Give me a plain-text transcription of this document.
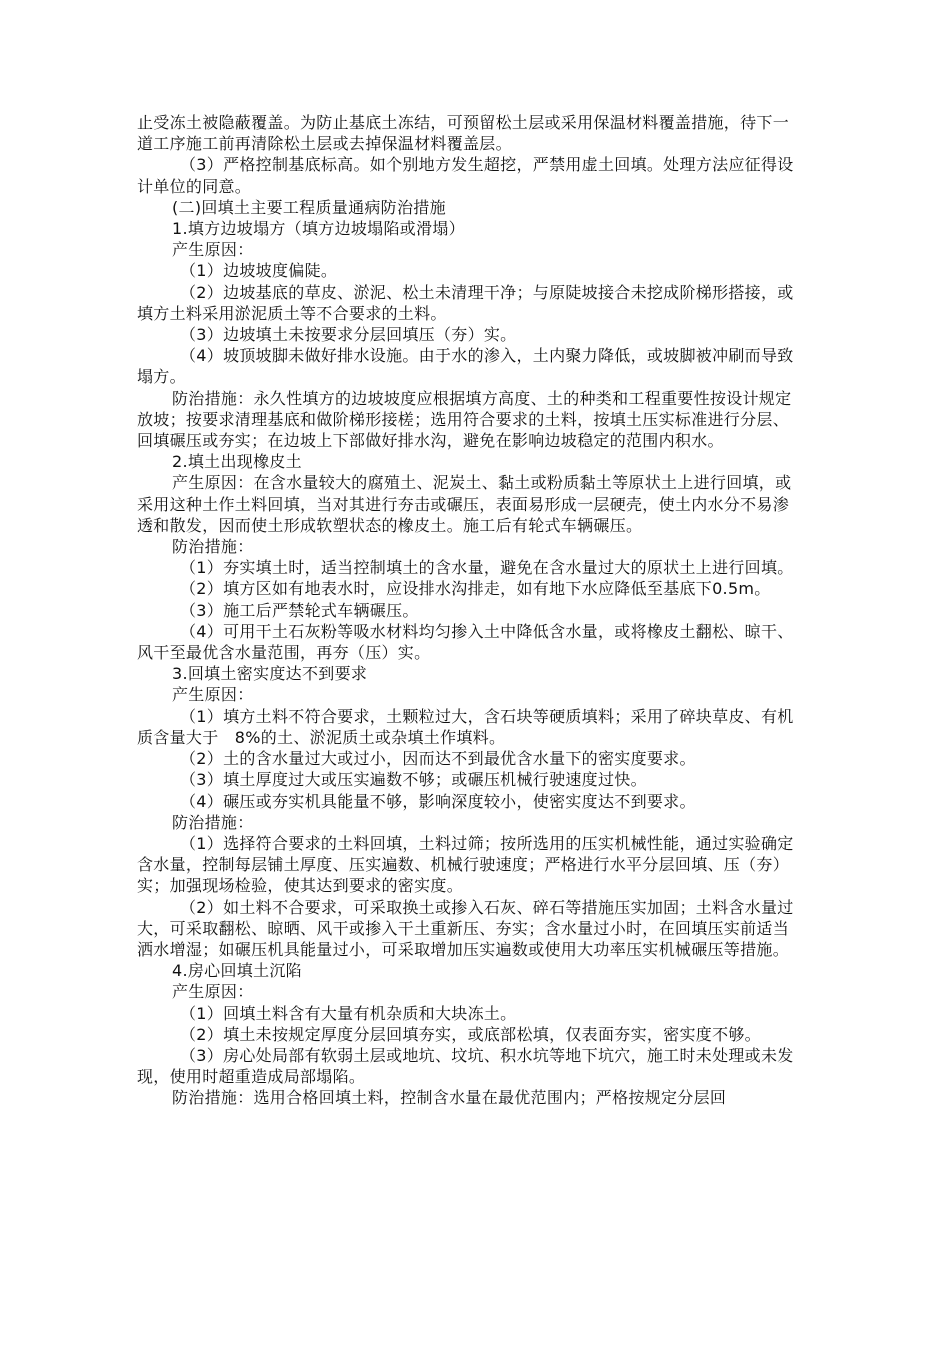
止受冻土被隐蔽覆盖。为防止基底土冻结，可预留松土层或采用保温材料覆盖措施，待下一道工序施工前再清除松土层或去掉保温材料覆盖层。

（3）严格控制基底标高。如个别地方发生超挖，严禁用虚土回填。处理方法应征得设计单位的同意。

(二)回填土主要工程质量通病防治措施

1.填方边坡塌方（填方边坡塌陷或滑塌）

产生原因：

（1）边坡坡度偏陡。

（2）边坡基底的草皮、淤泥、松土未清理干净；与原陡坡接合未挖成阶梯形搭接，或填方土料采用淤泥质土等不合要求的土料。

（3）边坡填土未按要求分层回填压（夯）实。

（4）坡顶坡脚未做好排水设施。由于水的渗入，土内聚力降低，或坡脚被冲刷而导致塌方。

防治措施：永久性填方的边坡坡度应根据填方高度、土的种类和工程重要性按设计规定放坡；按要求清理基底和做阶梯形接槎；选用符合要求的土料，按填土压实标准进行分层、回填碾压或夯实；在边坡上下部做好排水沟，避免在影响边坡稳定的范围内积水。

2.填土出现橡皮土

产生原因：在含水量较大的腐殖土、泥炭土、黏土或粉质黏土等原状土上进行回填，或采用这种土作土料回填，当对其进行夯击或碾压，表面易形成一层硬壳，使土内水分不易渗透和散发，因而使土形成软塑状态的橡皮土。施工后有轮式车辆碾压。

防治措施：

（1）夯实填土时，适当控制填土的含水量，避免在含水量过大的原状土上进行回填。

（2）填方区如有地表水时，应设排水沟排走，如有地下水应降低至基底下0.5m。

（3）施工后严禁轮式车辆碾压。

（4）可用干土石灰粉等吸水材料均匀掺入土中降低含水量，或将橡皮土翻松、晾干、风干至最优含水量范围，再夯（压）实。

3.回填土密实度达不到要求

产生原因：

（1）填方土料不符合要求，土颗粒过大，含石块等硬质填料；采用了碎块草皮、有机质含量大于　8%的土、淤泥质土或杂填土作填料。

（2）土的含水量过大或过小，因而达不到最优含水量下的密实度要求。

（3）填土厚度过大或压实遍数不够；或碾压机械行驶速度过快。

（4）碾压或夯实机具能量不够，影响深度较小，使密实度达不到要求。

防治措施：

（1）选择符合要求的土料回填，土料过筛；按所选用的压实机械性能，通过实验确定含水量，控制每层铺土厚度、压实遍数、机械行驶速度；严格进行水平分层回填、压（夯）实；加强现场检验，使其达到要求的密实度。

（2）如土料不合要求，可采取换土或掺入石灰、碎石等措施压实加固；土料含水量过大，可采取翻松、晾晒、风干或掺入干土重新压、夯实；含水量过小时，在回填压实前适当洒水增湿；如碾压机具能量过小，可采取增加压实遍数或使用大功率压实机械碾压等措施。

4.房心回填土沉陷

产生原因：

（1）回填土料含有大量有机杂质和大块冻土。

（2）填土未按规定厚度分层回填夯实，或底部松填，仅表面夯实，密实度不够。

（3）房心处局部有软弱土层或地坑、坟坑、积水坑等地下坑穴，施工时未处理或未发现，使用时超重造成局部塌陷。

防治措施：选用合格回填土料，控制含水量在最优范围内；严格按规定分层回
